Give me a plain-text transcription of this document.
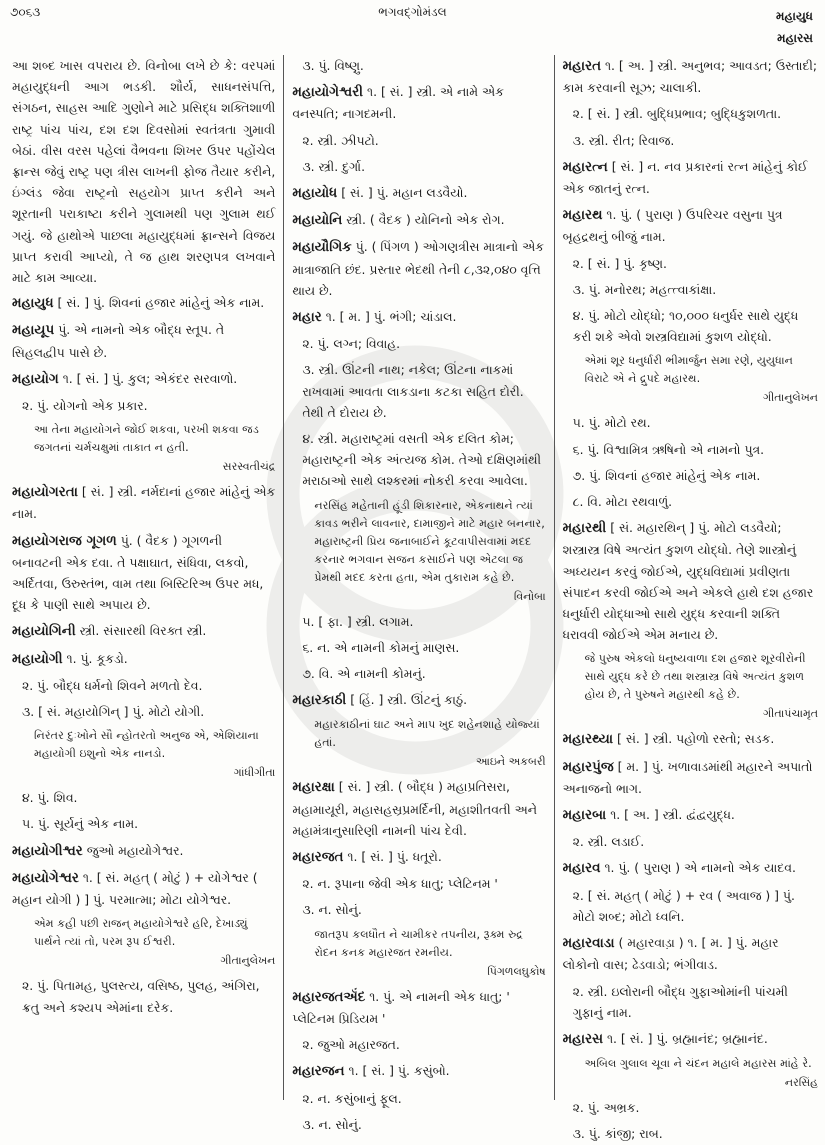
૭૦૬૩	ભગવદ્ગોમંડલ	મહાયુધ
મહારસ

આ શબ્દ ખાસ વપરાય છે. વિનોબા લખે છે કે: વરપમાં મહાયુદ્ધની આગ ભડકી. શૌર્ય, સાધનસંપત્તિ, સંગઠન, સાહસ આદિ ગુણોને માટે પ્રસિદ્ધ શક્તિશાળી રાષ્ટ્ર પાંચ પાંચ, દશ દશ દિવસોમાં સ્વતંત્રતા ગુમાવી બેઠાં. વીસ વરસ પહેલાં વૈભવના શિખર ઉપર પહોંચેલ ફ્રાન્સ જેવું રાષ્ટ્ર પણ ત્રીસ લાખની ફોજ તૈયાર કરીને, ઇંગ્લંડ જેવા રાષ્ટ્રનો સહયોગ પ્રાપ્ત કરીને અને શૂરતાની પરાકાષ્ટા કરીને ગુલામથી પણ ગુલામ થઈ ગયું. જે હાથોએ પાછલા મહાયુદ્ધમાં ફ્રાન્સને વિજય પ્રાપ્ત કરાવી આપ્યો, તે જ હાથ શરણપત્ર લખવાને માટે કામ આવ્યા.

મહાયુધ [ સં. ] પું. શિવનાં હજાર માંહેનું એક નામ.

મહાયૂપ પું. એ નામનો એક બૌદ્ધ સ્તૂપ. તે સિહલદ્વીપ પાસે છે.

મહાયોગ ૧. [ સં. ] પું. કુલ; એકંદર સરવાળો.

૨. પું. યોગનો એક પ્રકાર.

આ તેના મહાયોગને જોઈ શકવા, પરખી શકવા જડ જગતનાં ચર્મચક્ષુમાં તાકાત ન હતી.

સરસ્વતીચંદ્ર

મહાયોગરતા [ સં. ] સ્ત્રી. નર્મદાનાં હજાર માંહેનું એક નામ.

મહાયોગરાજ ગૂગળ પું. ( વૈદક ) ગૂગળની બનાવટની એક દવા. તે પક્ષાઘાત, સંધિવા, લકવો, અર્દિતવા, ઉરુસ્તંભ, વામ તથા બિસ્ટિરિઅ ઉપર મધ, દૂધ કે પાણી સાથે અપાય છે.

મહાયોગિની સ્ત્રી. સંસારથી વિરક્ત સ્ત્રી.

મહાયોગી ૧. પું. કૂકડો.

૨. પું. બૌદ્ધ ધર્મનો શિવને મળતો દેવ.

૩. [ સં. મહાયોગિન્ ] પું. મોટો યોગી.

નિરંતર દુઃખોને સૌ ન્હોતરતો અનુજ એ, એશિયાના મહાયોગી ઇશુનો એક નાનડો.

ગાંધીગીતા

૪. પું. શિવ.

૫. પું. સૂર્યનું એક નામ.

મહાયોગીશ્વર જુઓ મહાયોગેશ્વર.

મહાયોગેશ્વર ૧. [ સં. મહત્ ( મોટું ) + યોગેશ્વર ( મહાન યોગી ) ] પું. પરમાત્મા; મોટા યોગેશ્વર.

એમ કહી પછી રાજન્ મહાયોગેશ્વરે હરિ, દેખાડ્યું પાર્થને ત્યાં તો, પરમ રૂપ ઈશ્વરી.

ગીતાનુલેખન

૨. પું. પિતામહ, પુલસ્ત્ય, વસિષ્ઠ, પુલહ, અંગિરા, ક્રતુ અને કશ્યપ એમાંના દરેક.

૩. પું. વિષ્ણુ.

મહાયોગેશ્વરી ૧. [ સં. ] સ્ત્રી. એ નામે એક વનસ્પતિ; નાગદમની.

૨. સ્ત્રી. ઝીપટો.

૩. સ્ત્રી. દુર્ગા.

મહાયોધ [ સં. ] પું. મહાન લડવૈયો.

મહાયોનિ સ્ત્રી. ( વૈદક ) યોનિનો એક રોગ.

મહાયૌગિક પું. ( પિંગળ ) ઓગણત્રીસ માત્રાનો એક માત્રાજાતિ છંદ. પ્રસ્તાર ભેદથી તેની ૮,૩૨,૦૪૦ વૃત્તિ થાય છે.

મહાર ૧. [ મ. ] પું. ભંગી; ચાંડાલ.

૨. પું. લગ્ન; વિવાહ.

૩. સ્ત્રી. ઊંટની નાથ; નકેલ; ઊંટના નાકમાં રાખવામાં આવતા લાકડાના કટકા સહિત દોરી. તેથી તે દોરાય છે.

૪. સ્ત્રી. મહારાષ્ટ્રમાં વસતી એક દલિત કોમ; મહારાષ્ટ્રની એક અંત્યજ કોમ. તેઓ દક્ષિણમાંથી મરાઠાઓ સાથે લશ્કરમાં નોકરી કરવા આવેલા.

નરસિંહ મહેતાની હૂંડી શિકારનાર, એકનાથને ત્યાં કાવડ ભરીને લાવનાર, દામાજીને માટે મહાર બનનાર, મહારાષ્ટ્રની પ્રિય જનાબાઈને કૂટવાપીસવામાં મદદ કરનાર ભગવાન સજન કસાઈને પણ એટલા જ પ્રેમથી મદદ કરતા હતા, એમ તુકારામ કહે છે.

વિનોબા

૫. [ ફા. ] સ્ત્રી. લગામ.

૬. ન. એ નામની કોમનું માણસ.

૭. વિ. એ નામની કોમનું.

મહારકાઠી [ હિં. ] સ્ત્રી. ઊંટનું કાઠું.

મહારકાઠીનાં ઘાટ અને માપ ખુદ શહેનશાહે યોજ્યાં હતાં.

આઇને અકબરી

મહારક્ષા [ સં. ] સ્ત્રી. ( બૌદ્ધ ) મહાપ્રતિસરા, મહામાયૂરી, મહાસહસ્રપ્રમર્દિની, મહાશીતવતી અને મહામંત્રાનુસારિણી નામની પાંચ દેવી.

મહારજત ૧. [ સં. ] પું. ધતૂરો.

૨. ન. રૂપાના જેવી એક ધાતુ; પ્લેટિનમ '

૩. ન. સોનું.

જાતરૂપ કલધૌત ને ચામીકર તપનીય, રૂક્મ રુદ્ર રોદન કનક મહારજત રમનીય.

પિંગળલઘુકોષ

મહારજતઍંદ ૧. પું. એ નામની એક ધાતુ; ' પ્લેટિનમ પ્રિડિયમ '

૨. જુઓ મહારજત.

મહારજન ૧. [ સં. ] પું. કસુંબો.

૨. ન. કસુંબાનું ફૂલ.

૩. ન. સોનું.

મહારત ૧. [ અ. ] સ્ત્રી. અનુભવ; આવડત; ઉસ્તાદી; કામ કરવાની સૂઝ; ચાલાકી.

૨. [ સં. ] સ્ત્રી. બુદ્ધિપ્રભાવ; બુદ્ધિકુશળતા.

૩. સ્ત્રી. રીત; રિવાજ.

મહારત્ન [ સં. ] ન. નવ પ્રકારનાં રત્ન માંહેનું કોઈ એક જાતનું રત્ન.

મહારથ ૧. પું. ( પુરાણ ) ઉપરિચર વસુના પુત્ર બૃહદ્રથનું બીજું નામ.

૨. [ સં. ] પું. કૃષ્ણ.

૩. પું. મનોરથ; મહત્ત્વાકાંક્ષા.

૪. પું. મોટો યોદ્ધો; ૧૦,૦૦૦ ધનુર્ધર સાથે યુદ્ધ કરી શકે એવો શસ્ત્રવિદ્યામાં કુશળ યોદ્ધો.

એમાં શૂર ધનુર્ધારી ભીમાર્જુન સમા રણે, યુયુધાન વિરાટે એ ને દ્રુપદે મહારથ.

ગીતાનુલેખન

૫. પું. મોટો રથ.

૬. પું. વિશ્વામિત્ર ઋષિનો એ નામનો પુત્ર.

૭. પું. શિવનાં હજાર માંહેનું એક નામ.

૮. વિ. મોટા રથવાળું.

મહારથી [ સં. મહારથિન્ ] પું. મોટો લડવૈયો; શસ્ત્રાસ્ત્ર વિષે અત્યંત કુશળ યોદ્ધો. તેણે શાસ્ત્રોનું અધ્યયન કરવું જોઈએ, યુદ્ધવિદ્યામાં પ્રવીણતા સંપાદન કરવી જોઈએ અને એકલે હાથે દશ હજાર ધનુર્ધારી યોદ્ધાઓ સાથે યુદ્ધ કરવાની શક્તિ ધરાવવી જોઈએ એમ મનાય છે.

જે પુરુષ એકલો ધનુષ્યવાળા દશ હજાર શૂરવીરોની સાથે યુદ્ધ કરે છે તથા શસ્ત્રાસ્ત્ર વિષે અત્યંત કુશળ હોય છે, તે પુરુષને મહારથી કહે છે.

ગીતાપંચામૃત

મહારથ્યા [ સં. ] સ્ત્રી. પહોળો રસ્તો; સડક.

મહારપુંજ [ મ. ] પું. ખળાવાડમાંથી મહારને અપાતો અનાજનો ભાગ.

મહારબા ૧. [ અ. ] સ્ત્રી. દ્વંદ્વયુદ્ધ.

૨. સ્ત્રી. લડાઈ.

મહારવ ૧. પું. ( પુરાણ ) એ નામનો એક યાદવ.

૨. [ સં. મહત્ ( મોટું ) + રવ ( અવાજ ) ] પું. મોટો શબ્દ; મોટો ધ્વનિ.

મહારવાડા ( મહારવાડ઼ા ) ૧. [ મ. ] પું. મહાર લોકોનો વાસ; ઢેડવાડો; ભંગીવાડ.

૨. સ્ત્રી. ઇલોરાની બૌદ્ધ ગુફાઓમાંની પાંચમી ગુફાનું નામ.

મહારસ ૧. [ સં. ] પું. બ્રહ્માનંદ; બ્રહ્માનંદ.

અબિલ ગુલાલ ચૂવા ને ચંદન મહાલે મહારસ માંહે રે.

નરસિંહ

૨. પું. અભ્રક.

૩. પું. કાંજી; રાબ.
